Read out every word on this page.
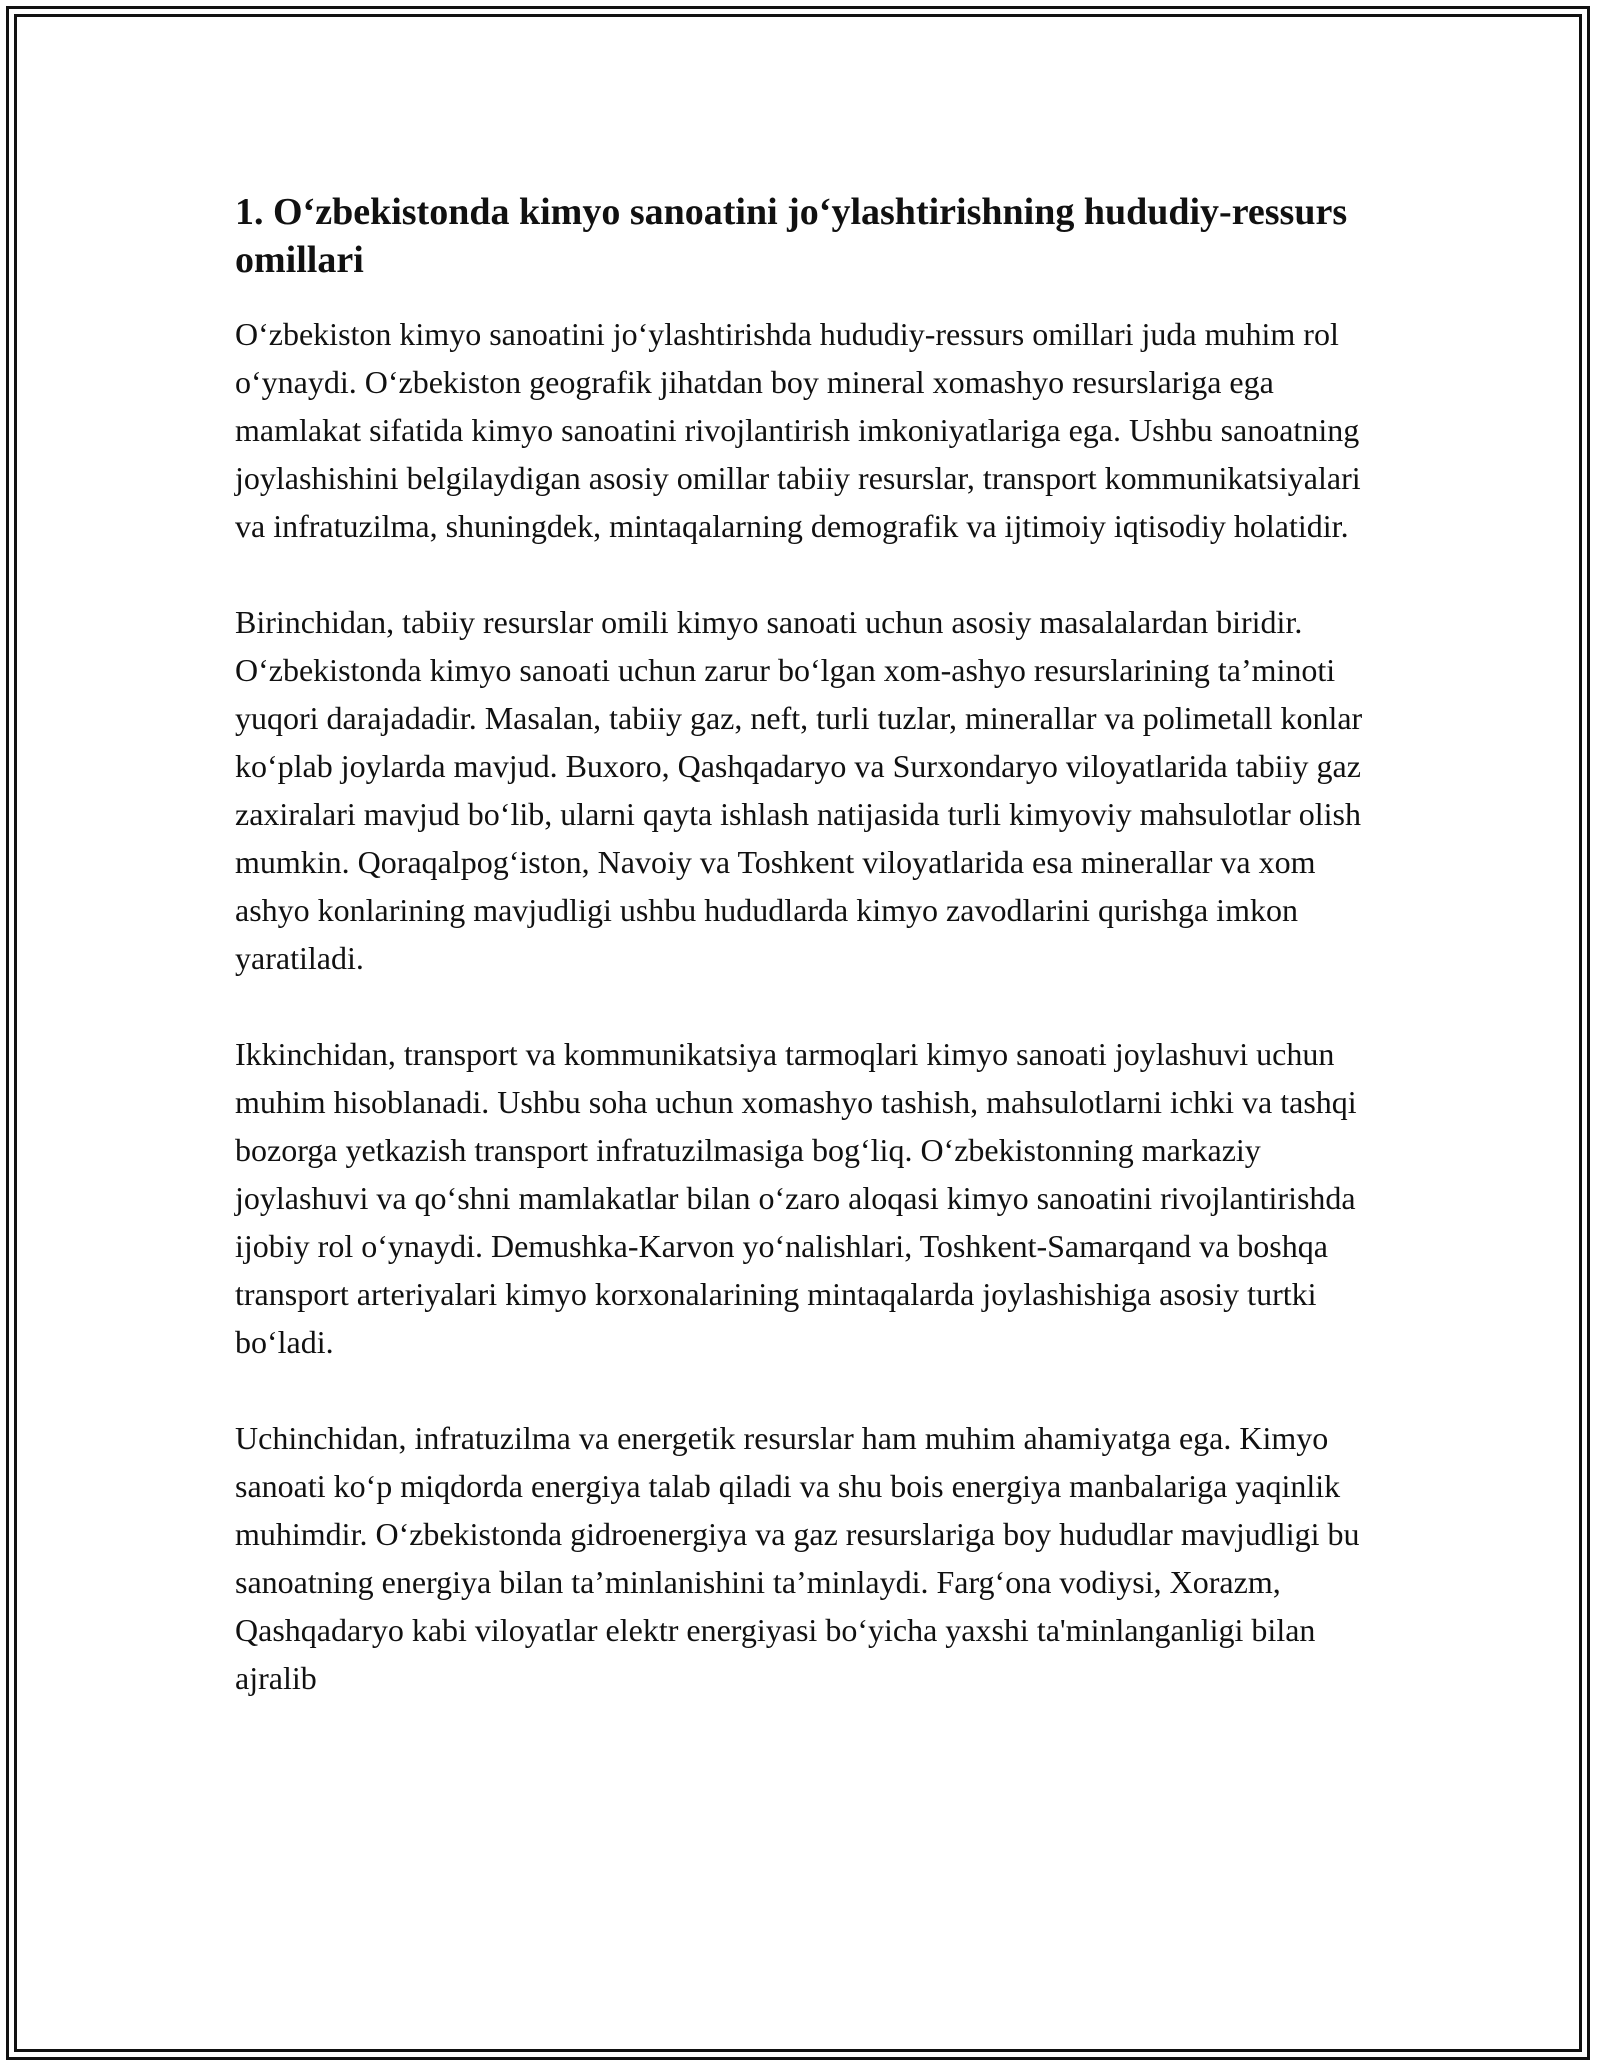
1. O‘zbekistonda kimyo sanoatini jo‘ylashtirishning hududiy-ressurs omillari

O‘zbekiston kimyo sanoatini jo‘ylashtirishda hududiy-ressurs omillari juda muhim rol o‘ynaydi. O‘zbekiston geografik jihatdan boy mineral xomashyo resurslariga ega mamlakat sifatida kimyo sanoatini rivojlantirish imkoniyatlariga ega. Ushbu sanoatning joylashishini belgilaydigan asosiy omillar tabiiy resurslar, transport kommunikatsiyalari va infratuzilma, shuningdek, mintaqalarning demografik va ijtimoiy iqtisodiy holatidir.

Birinchidan, tabiiy resurslar omili kimyo sanoati uchun asosiy masalalardan biridir. O‘zbekistonda kimyo sanoati uchun zarur bo‘lgan xom-ashyo resurslarining ta’minoti yuqori darajadadir. Masalan, tabiiy gaz, neft, turli tuzlar, minerallar va polimetall konlar ko‘plab joylarda mavjud. Buxoro, Qashqadaryo va Surxondaryo viloyatlarida tabiiy gaz zaxiralari mavjud bo‘lib, ularni qayta ishlash natijasida turli kimyoviy mahsulotlar olish mumkin. Qoraqalpog‘iston, Navoiy va Toshkent viloyatlarida esa minerallar va xom ashyo konlarining mavjudligi ushbu hududlarda kimyo zavodlarini qurishga imkon yaratiladi.

Ikkinchidan, transport va kommunikatsiya tarmoqlari kimyo sanoati joylashuvi uchun muhim hisoblanadi. Ushbu soha uchun xomashyo tashish, mahsulotlarni ichki va tashqi bozorga yetkazish transport infratuzilmasiga bog‘liq. O‘zbekistonning markaziy joylashuvi va qo‘shni mamlakatlar bilan o‘zaro aloqasi kimyo sanoatini rivojlantirishda ijobiy rol o‘ynaydi. Demushka-Karvon yo‘nalishlari, Toshkent-Samarqand va boshqa transport arteriyalari kimyo korxonalarining mintaqalarda joylashishiga asosiy turtki bo‘ladi.

Uchinchidan, infratuzilma va energetik resurslar ham muhim ahamiyatga ega. Kimyo sanoati ko‘p miqdorda energiya talab qiladi va shu bois energiya manbalariga yaqinlik muhimdir. O‘zbekistonda gidroenergiya va gaz resurslariga boy hududlar mavjudligi bu sanoatning energiya bilan ta’minlanishini ta’minlaydi. Farg‘ona vodiysi, Xorazm, Qashqadaryo kabi viloyatlar elektr energiyasi bo‘yicha yaxshi ta'minlanganligi bilan ajralib
